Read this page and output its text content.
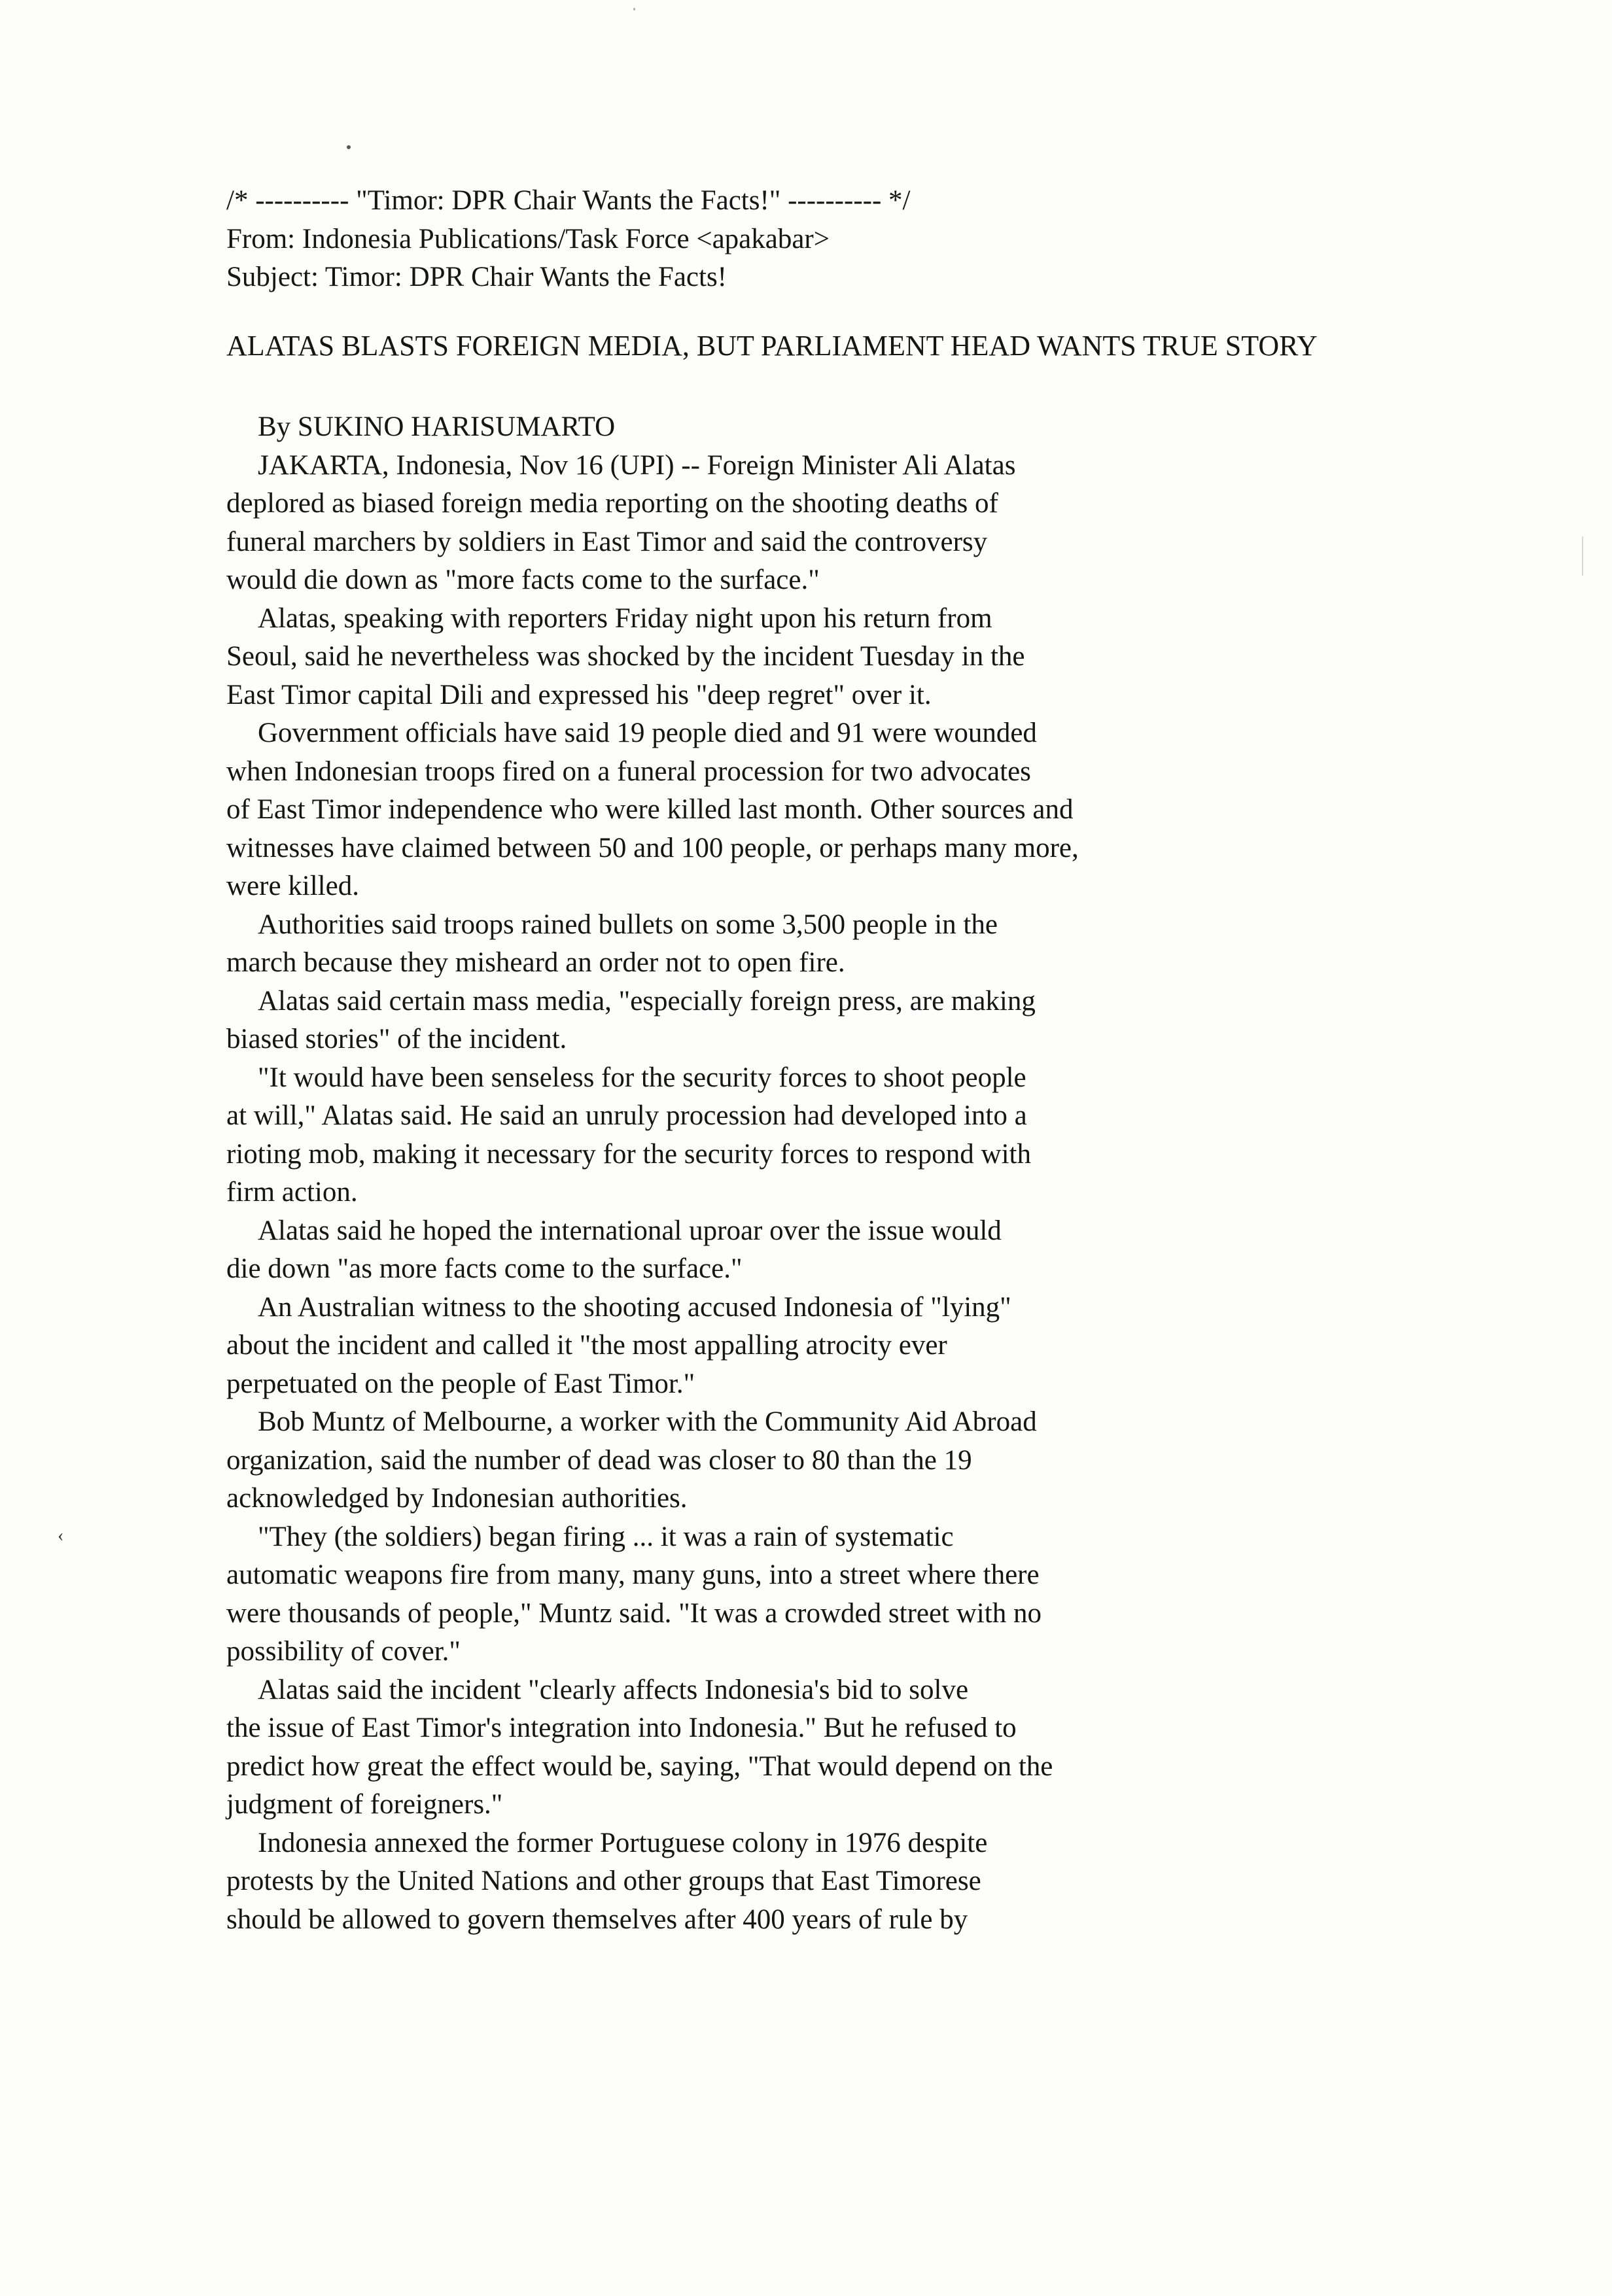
‹
/* ---------- "Timor: DPR Chair Wants the Facts!" ---------- */
From: Indonesia Publications/Task Force <apakabar>
Subject: Timor: DPR Chair Wants the Facts!
ALATAS BLASTS FOREIGN MEDIA, BUT PARLIAMENT HEAD WANTS TRUE STORY
By SUKINO HARISUMARTO
JAKARTA, Indonesia, Nov 16 (UPI) -- Foreign Minister Ali Alatas
deplored as biased foreign media reporting on the shooting deaths of
funeral marchers by soldiers in East Timor and said the controversy
would die down as "more facts come to the surface."
Alatas, speaking with reporters Friday night upon his return from
Seoul, said he nevertheless was shocked by the incident Tuesday in the
East Timor capital Dili and expressed his "deep regret" over it.
Government officials have said 19 people died and 91 were wounded
when Indonesian troops fired on a funeral procession for two advocates
of East Timor independence who were killed last month. Other sources and
witnesses have claimed between 50 and 100 people, or perhaps many more,
were killed.
Authorities said troops rained bullets on some 3,500 people in the
march because they misheard an order not to open fire.
Alatas said certain mass media, "especially foreign press, are making
biased stories" of the incident.
"It would have been senseless for the security forces to shoot people
at will," Alatas said. He said an unruly procession had developed into a
rioting mob, making it necessary for the security forces to respond with
firm action.
Alatas said he hoped the international uproar over the issue would
die down "as more facts come to the surface."
An Australian witness to the shooting accused Indonesia of "lying"
about the incident and called it "the most appalling atrocity ever
perpetuated on the people of East Timor."
Bob Muntz of Melbourne, a worker with the Community Aid Abroad
organization, said the number of dead was closer to 80 than the 19
acknowledged by Indonesian authorities.
"They (the soldiers) began firing ... it was a rain of systematic
automatic weapons fire from many, many guns, into a street where there
were thousands of people," Muntz said. "It was a crowded street with no
possibility of cover."
Alatas said the incident "clearly affects Indonesia's bid to solve
the issue of East Timor's integration into Indonesia." But he refused to
predict how great the effect would be, saying, "That would depend on the
judgment of foreigners."
Indonesia annexed the former Portuguese colony in 1976 despite
protests by the United Nations and other groups that East Timorese
should be allowed to govern themselves after 400 years of rule by
